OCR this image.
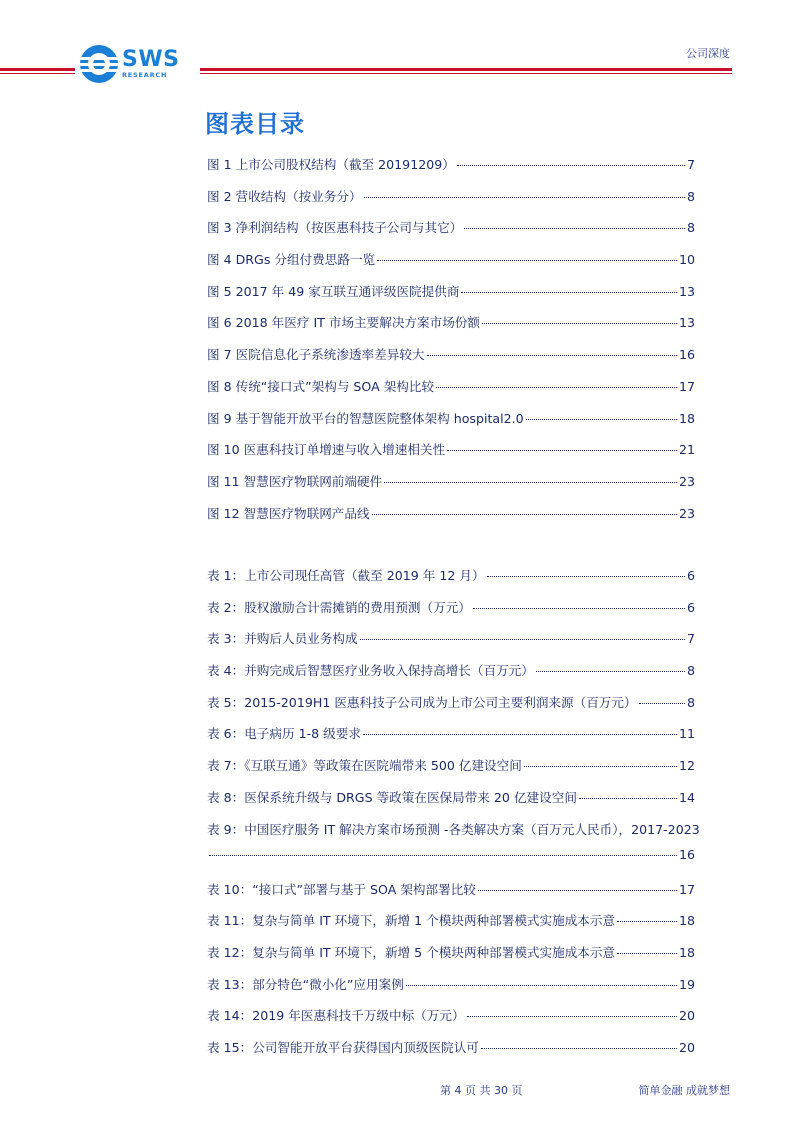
SWS
RESEARCH
公司深度
图表目录
图 1 上市公司股权结构（截至 20191209）	7
图 2 营收结构（按业务分）	8
图 3 净利润结构（按医惠科技子公司与其它）	8
图 4 DRGs 分组付费思路一览	10
图 5 2017 年 49 家互联互通评级医院提供商	13
图 6 2018 年医疗 IT 市场主要解决方案市场份额	13
图 7 医院信息化子系统渗透率差异较大	16
图 8 传统“接口式”架构与 SOA 架构比较	17
图 9 基于智能开放平台的智慧医院整体架构 hospital2.0	18
图 10 医惠科技订单增速与收入增速相关性	21
图 11 智慧医疗物联网前端硬件	23
图 12 智慧医疗物联网产品线	23
表 1：上市公司现任高管（截至 2019 年 12 月）	6
表 2：股权激励合计需摊销的费用预测（万元）	6
表 3：并购后人员业务构成	7
表 4：并购完成后智慧医疗业务收入保持高增长（百万元）	8
表 5：2015-2019H1 医惠科技子公司成为上市公司主要利润来源（百万元）	8
表 6：电子病历 1-8 级要求	11
表 7：《互联互通》等政策在医院端带来 500 亿建设空间	12
表 8：医保系统升级与 DRGS 等政策在医保局带来 20 亿建设空间	14
表 9：中国医疗服务 IT 解决方案市场预测 -各类解决方案（百万元人民币），2017-2023
16
表 10：“接口式”部署与基于 SOA 架构部署比较	17
表 11：复杂与简单 IT 环境下，新增 1 个模块两种部署模式实施成本示意	18
表 12：复杂与简单 IT 环境下，新增 5 个模块两种部署模式实施成本示意	18
表 13：部分特色“微小化”应用案例	19
表 14：2019 年医惠科技千万级中标（万元）	20
表 15：公司智能开放平台获得国内顶级医院认可	20
第 4 页 共 30 页	简单金融 成就梦想
